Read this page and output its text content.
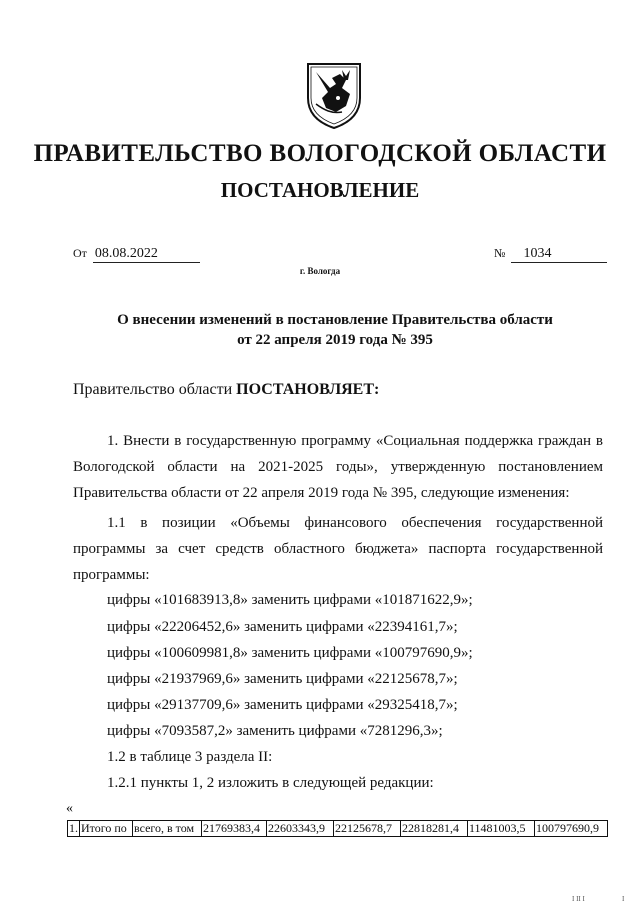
ПРАВИТЕЛЬСТВО ВОЛОГОДСКОЙ ОБЛАСТИ
ПОСТАНОВЛЕНИЕ
От 08.08.2022	№ 1034
г. Вологда
О внесении изменений в постановление Правительства области
от 22 апреля 2019 года № 395
Правительство области ПОСТАНОВЛЯЕТ:
1. Внести в государственную программу «Социальная поддержка граждан в Вологодской области на 2021-2025 годы», утвержденную постановлением Правительства области от 22 апреля 2019 года № 395, следующие изменения:
1.1 в позиции «Объемы финансового обеспечения государственной программы за счет средств областного бюджета» паспорта государственной программы:
цифры «101683913,8» заменить цифрами «101871622,9»;
цифры «22206452,6» заменить цифрами «22394161,7»;
цифры «100609981,8» заменить цифрами «100797690,9»;
цифры «21937969,6» заменить цифрами «22125678,7»;
цифры «29137709,6» заменить цифрами «29325418,7»;
цифры «7093587,2» заменить цифрами «7281296,3»;
1.2 в таблице 3 раздела II:
1.2.1 пункты 1, 2 изложить в следующей редакции:
«
1.	Итого по	всего, в том	21769383,4	22603343,9	22125678,7	22818281,4	11481003,5	100797690,9
I II I	I
